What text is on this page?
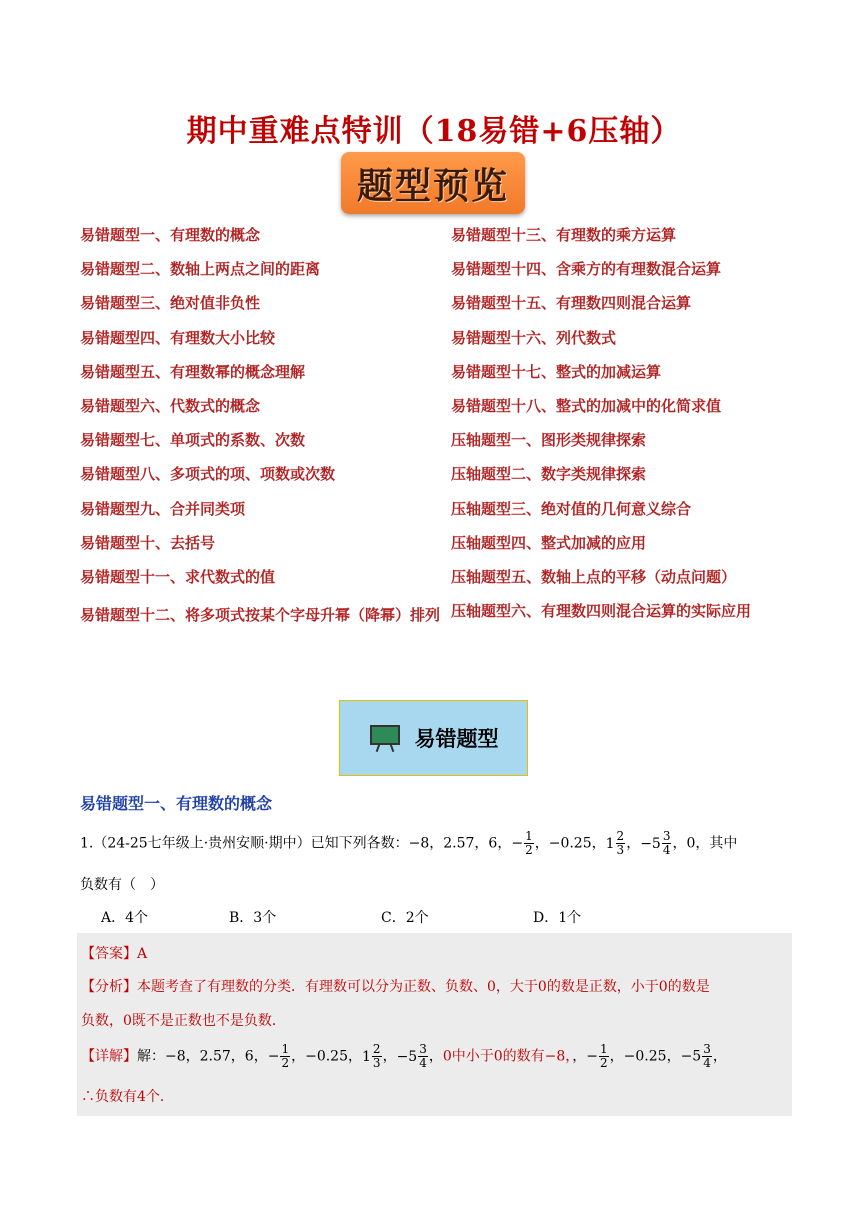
期中重难点特训（18易错+6压轴）
题型预览
易错题型一、有理数的概念
易错题型二、数轴上两点之间的距离
易错题型三、绝对值非负性
易错题型四、有理数大小比较
易错题型五、有理数幂的概念理解
易错题型六、代数式的概念
易错题型七、单项式的系数、次数
易错题型八、多项式的项、项数或次数
易错题型九、合并同类项
易错题型十、去括号
易错题型十一、求代数式的值
易错题型十二、将多项式按某个字母升幂（降幂）排列
易错题型十三、有理数的乘方运算
易错题型十四、含乘方的有理数混合运算
易错题型十五、有理数四则混合运算
易错题型十六、列代数式
易错题型十七、整式的加减运算
易错题型十八、整式的加减中的化简求值
压轴题型一、图形类规律探索
压轴题型二、数字类规律探索
压轴题型三、绝对值的几何意义综合
压轴题型四、整式加减的应用
压轴题型五、数轴上点的平移（动点问题）
压轴题型六、有理数四则混合运算的实际应用
易错题型
易错题型一、有理数的概念
1.（24-25七年级上·贵州安顺·期中）已知下列各数：−8，2.57，6，− $\frac{1}{2}$ ，−0.25，$1 \frac{2}{3}$ ，$-5 \frac{3}{4}$ ，0，其中
负数有（　）
A．4个	B．3个	C．2个	D．1个
【答案】A
【分析】本题考查了有理数的分类．有理数可以分为正数、负数、0，大于0的数是正数，小于0的数是
负数，0既不是正数也不是负数．
【详解】解：−8，2.57，6，− $\frac{1}{2}$ ，−0.25，$1 \frac{2}{3}$ ，$-5 \frac{3}{4}$ ，0中小于0的数有−8，，− $\frac{1}{2}$ ，−0.25，$-5 \frac{3}{4}$ ，
∴负数有4个．
